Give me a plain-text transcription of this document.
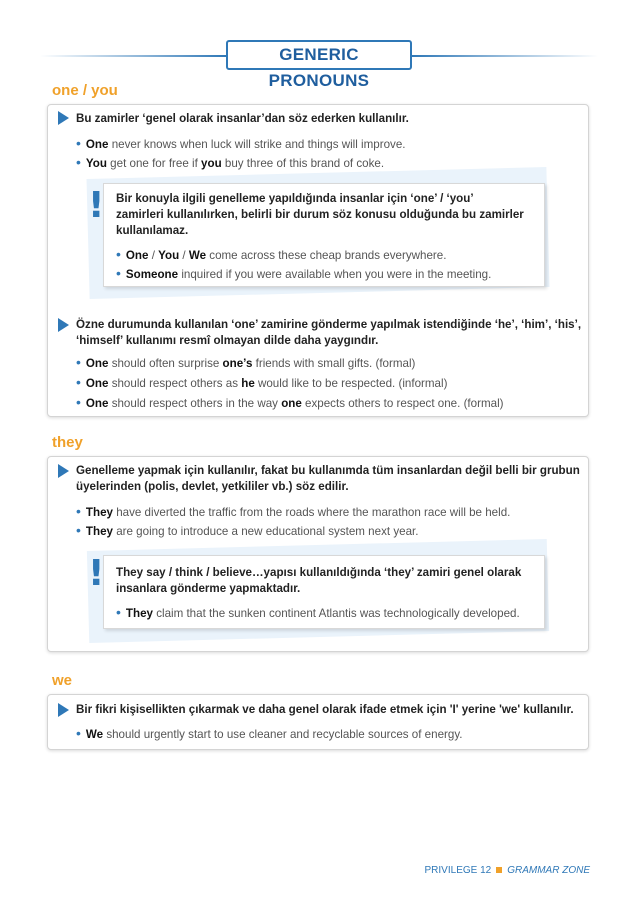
GENERIC PRONOUNS
one / you
Bu zamirler ‘genel olarak insanlar’dan söz ederken kullanılır.
• One never knows when luck will strike and things will improve.
• You get one for free if you buy three of this brand of coke.
Bir konuyla ilgili genelleme yapıldığında insanlar için ‘one’ / ‘you’
zamirleri kullanılırken, belirli bir durum söz konusu olduğunda bu zamirler
kullanılamaz.
• One / You / We come across these cheap brands everywhere.
• Someone inquired if you were available when you were in the meeting.
!
Özne durumunda kullanılan ‘one’ zamirine gönderme yapılmak istendiğinde ‘he’, ‘him’, ‘his’,
‘himself’ kullanımı resmî olmayan dilde daha yaygındır.
• One should often surprise one’s friends with small gifts. (formal)
• One should respect others as he would like to be respected. (informal)
• One should respect others in the way one expects others to respect one. (formal)
they
Genelleme yapmak için kullanılır, fakat bu kullanımda tüm insanlardan değil belli bir grubun
üyelerinden (polis, devlet, yetkililer vb.) söz edilir.
• They have diverted the traffic from the roads where the marathon race will be held.
• They are going to introduce a new educational system next year.
They say / think / believe…yapısı kullanıldığında ‘they’ zamiri genel olarak
insanlara gönderme yapmaktadır.
• They claim that the sunken continent Atlantis was technologically developed.
!
we
Bir fikri kişisellikten çıkarmak ve daha genel olarak ifade etmek için 'I' yerine 'we' kullanılır.
• We should urgently start to use cleaner and recyclable sources of energy.
PRIVILEGE 12 GRAMMAR ZONE
